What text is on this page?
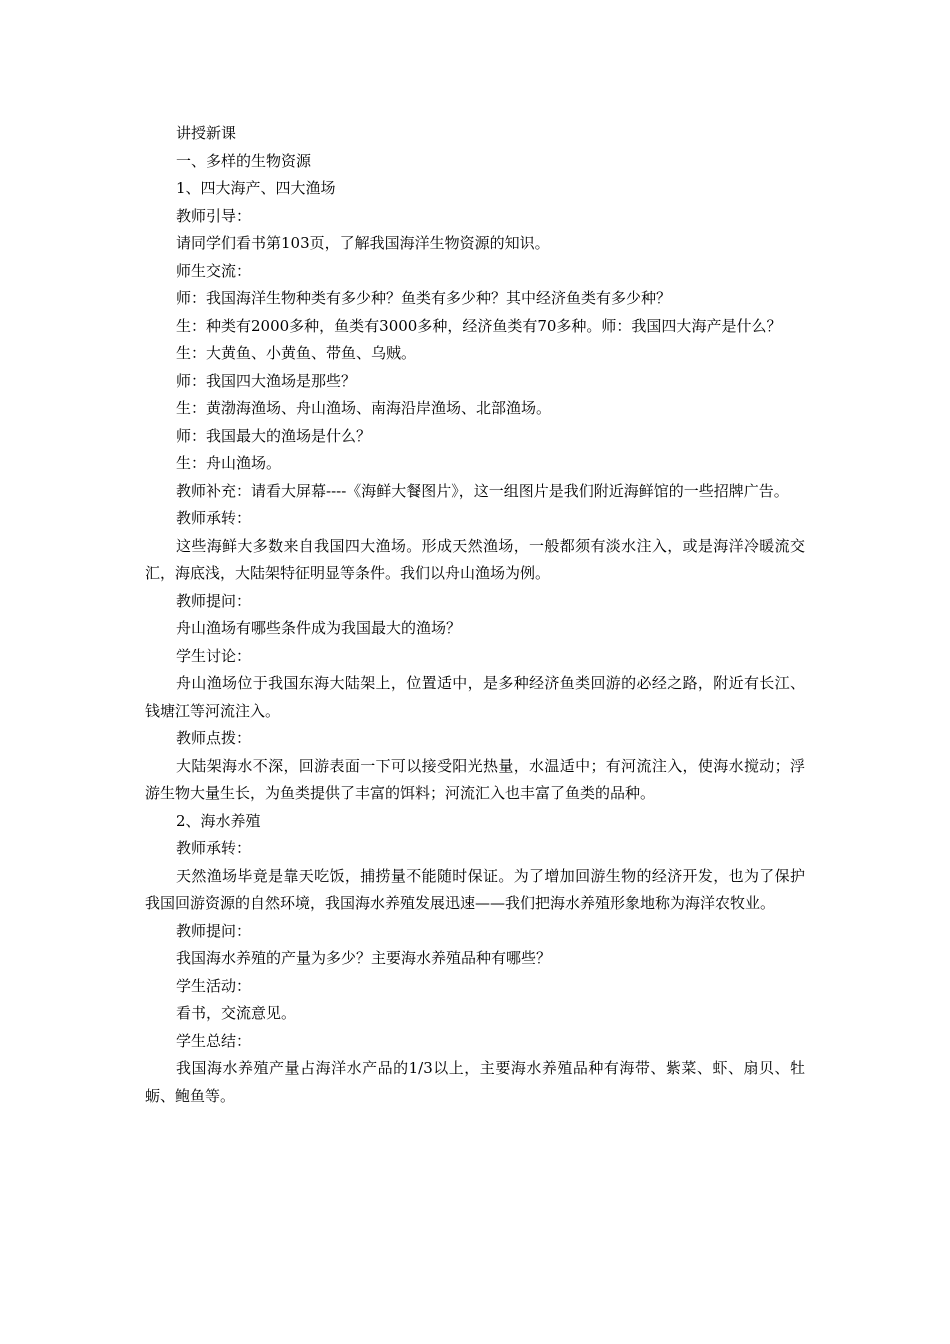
讲授新课

一、多样的生物资源

1、四大海产、四大渔场

教师引导：

请同学们看书第103页，了解我国海洋生物资源的知识。

师生交流：

师：我国海洋生物种类有多少种？鱼类有多少种？其中经济鱼类有多少种？

生：种类有2000多种，鱼类有3000多种，经济鱼类有70多种。师：我国四大海产是什么？

生：大黄鱼、小黄鱼、带鱼、乌贼。

师：我国四大渔场是那些？

生：黄渤海渔场、舟山渔场、南海沿岸渔场、北部渔场。

师：我国最大的渔场是什么？

生：舟山渔场。

教师补充：请看大屏幕----《海鲜大餐图片》，这一组图片是我们附近海鲜馆的一些招牌广告。

教师承转：

这些海鲜大多数来自我国四大渔场。形成天然渔场，一般都须有淡水注入，或是海洋冷暖流交汇，海底浅，大陆架特征明显等条件。我们以舟山渔场为例。

教师提问：

舟山渔场有哪些条件成为我国最大的渔场？

学生讨论：

舟山渔场位于我国东海大陆架上，位置适中，是多种经济鱼类回游的必经之路，附近有长江、钱塘江等河流注入。

教师点拨：

大陆架海水不深，回游表面一下可以接受阳光热量，水温适中；有河流注入，使海水搅动；浮游生物大量生长，为鱼类提供了丰富的饵料；河流汇入也丰富了鱼类的品种。

2、海水养殖

教师承转：

天然渔场毕竟是靠天吃饭，捕捞量不能随时保证。为了增加回游生物的经济开发，也为了保护我国回游资源的自然环境，我国海水养殖发展迅速——我们把海水养殖形象地称为海洋农牧业。

教师提问：

我国海水养殖的产量为多少？主要海水养殖品种有哪些？

学生活动：

看书，交流意见。

学生总结：

我国海水养殖产量占海洋水产品的1/3以上，主要海水养殖品种有海带、紫菜、虾、扇贝、牡蛎、鲍鱼等。
